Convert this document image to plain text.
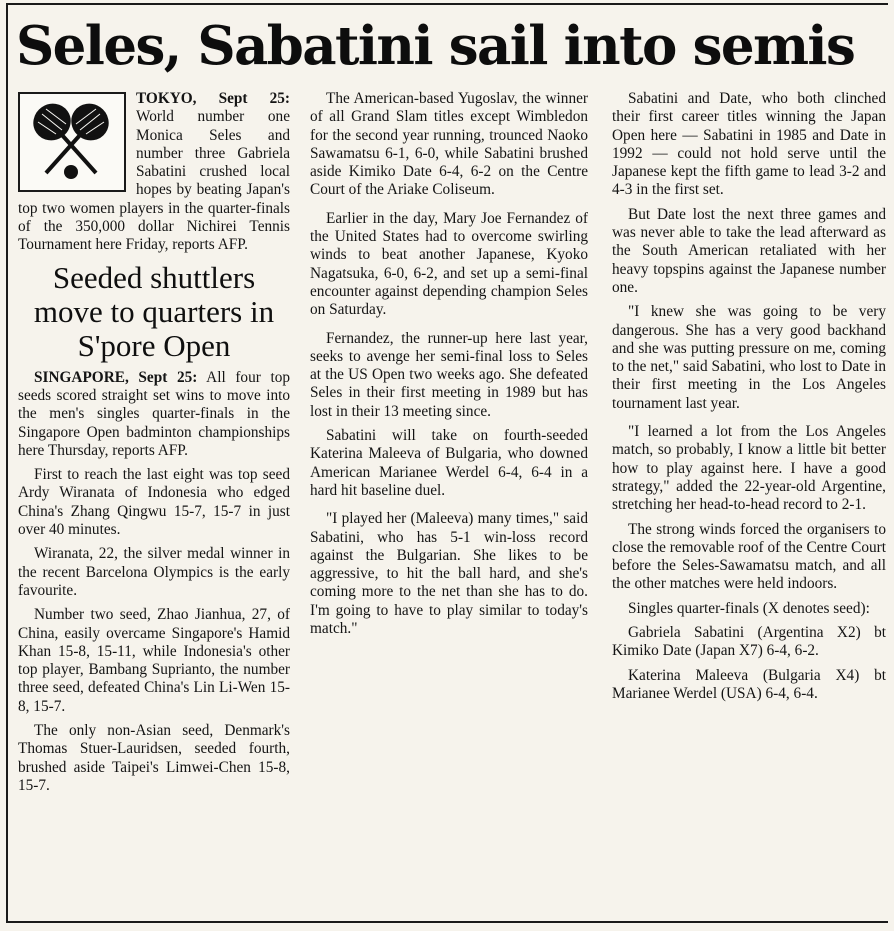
Seles, Sabatini sail into semis

TOKYO, Sept 25: World number one Monica Seles and number three Gabriela Sabatini crushed local hopes by beating Japan's top two women players in the quarter-finals of the 350,000 dollar Nichirei Tennis Tournament here Friday, reports AFP.

Seeded shuttlers move to quarters in S'pore Open

SINGAPORE, Sept 25: All four top seeds scored straight set wins to move into the men's singles quarter-finals in the Singapore Open badminton championships here Thursday, reports AFP.

First to reach the last eight was top seed Ardy Wiranata of Indonesia who edged China's Zhang Qingwu 15-7, 15-7 in just over 40 minutes.

Wiranata, 22, the silver medal winner in the recent Barcelona Olympics is the early favourite.

Number two seed, Zhao Jianhua, 27, of China, easily overcame Singapore's Hamid Khan 15-8, 15-11, while Indonesia's other top player, Bambang Suprianto, the number three seed, defeated China's Lin Li-Wen 15-8, 15-7.

The only non-Asian seed, Denmark's Thomas Stuer-Lauridsen, seeded fourth, brushed aside Taipei's Limwei-Chen 15-8, 15-7.

The American-based Yugoslav, the winner of all Grand Slam titles except Wimbledon for the second year running, trounced Naoko Sawamatsu 6-1, 6-0, while Sabatini brushed aside Kimiko Date 6-4, 6-2 on the Centre Court of the Ariake Coliseum.

Earlier in the day, Mary Joe Fernandez of the United States had to overcome swirling winds to beat another Japanese, Kyoko Nagatsuka, 6-0, 6-2, and set up a semi-final encounter against depending champion Seles on Saturday.

Fernandez, the runner-up here last year, seeks to avenge her semi-final loss to Seles at the US Open two weeks ago. She defeated Seles in their first meeting in 1989 but has lost in their 13 meeting since.

Sabatini will take on fourth-seeded Katerina Maleeva of Bulgaria, who downed American Marianee Werdel 6-4, 6-4 in a hard hit baseline duel.

"I played her (Maleeva) many times," said Sabatini, who has 5-1 win-loss record against the Bulgarian. She likes to be aggressive, to hit the ball hard, and she's coming more to the net than she has to do. I'm going to have to play similar to today's match."

Sabatini and Date, who both clinched their first career titles winning the Japan Open here — Sabatini in 1985 and Date in 1992 — could not hold serve until the Japanese kept the fifth game to lead 3-2 and 4-3 in the first set.

But Date lost the next three games and was never able to take the lead afterward as the South American retaliated with her heavy topspins against the Japanese number one.

"I knew she was going to be very dangerous. She has a very good backhand and she was putting pressure on me, coming to the net," said Sabatini, who lost to Date in their first meeting in the Los Angeles tournament last year.

"I learned a lot from the Los Angeles match, so probably, I know a little bit better how to play against here. I have a good strategy," added the 22-year-old Argentine, stretching her head-to-head record to 2-1.

The strong winds forced the organisers to close the removable roof of the Centre Court before the Seles-Sawamatsu match, and all the other matches were held indoors.

Singles quarter-finals (X denotes seed):

Gabriela Sabatini (Argentina X2) bt Kimiko Date (Japan X7) 6-4, 6-2.

Katerina Maleeva (Bulgaria X4) bt Marianee Werdel (USA) 6-4, 6-4.
